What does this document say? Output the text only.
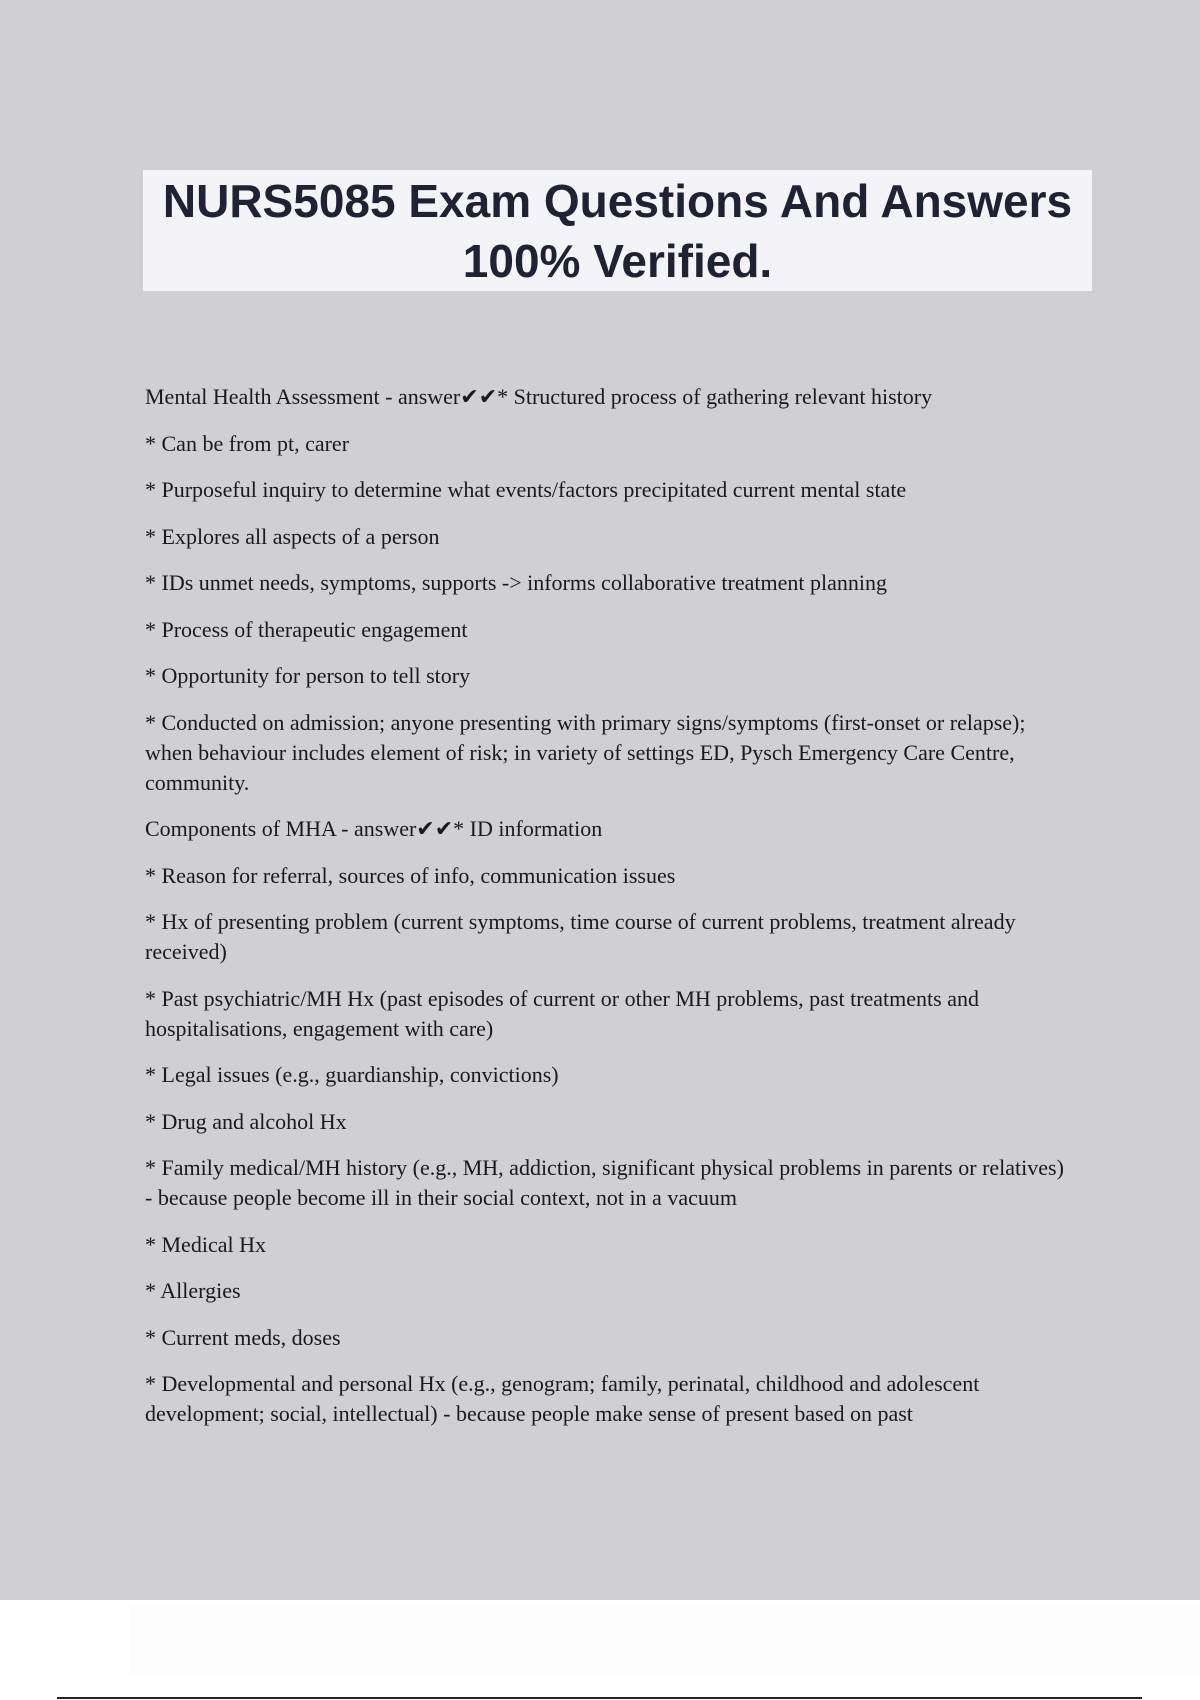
NURS5085 Exam Questions And Answers 100% Verified.

Mental Health Assessment - answer✔✔* Structured process of gathering relevant history

* Can be from pt, carer

* Purposeful inquiry to determine what events/factors precipitated current mental state

* Explores all aspects of a person

* IDs unmet needs, symptoms, supports -> informs collaborative treatment planning

* Process of therapeutic engagement

* Opportunity for person to tell story

* Conducted on admission; anyone presenting with primary signs/symptoms (first-onset or relapse); when behaviour includes element of risk; in variety of settings ED, Pysch Emergency Care Centre, community.

Components of MHA - answer✔✔* ID information

* Reason for referral, sources of info, communication issues

* Hx of presenting problem (current symptoms, time course of current problems, treatment already received)

* Past psychiatric/MH Hx (past episodes of current or other MH problems, past treatments and hospitalisations, engagement with care)

* Legal issues (e.g., guardianship, convictions)

* Drug and alcohol Hx

* Family medical/MH history (e.g., MH, addiction, significant physical problems in parents or relatives) - because people become ill in their social context, not in a vacuum

* Medical Hx

* Allergies

* Current meds, doses

* Developmental and personal Hx (e.g., genogram; family, perinatal, childhood and adolescent development; social, intellectual) - because people make sense of present based on past
